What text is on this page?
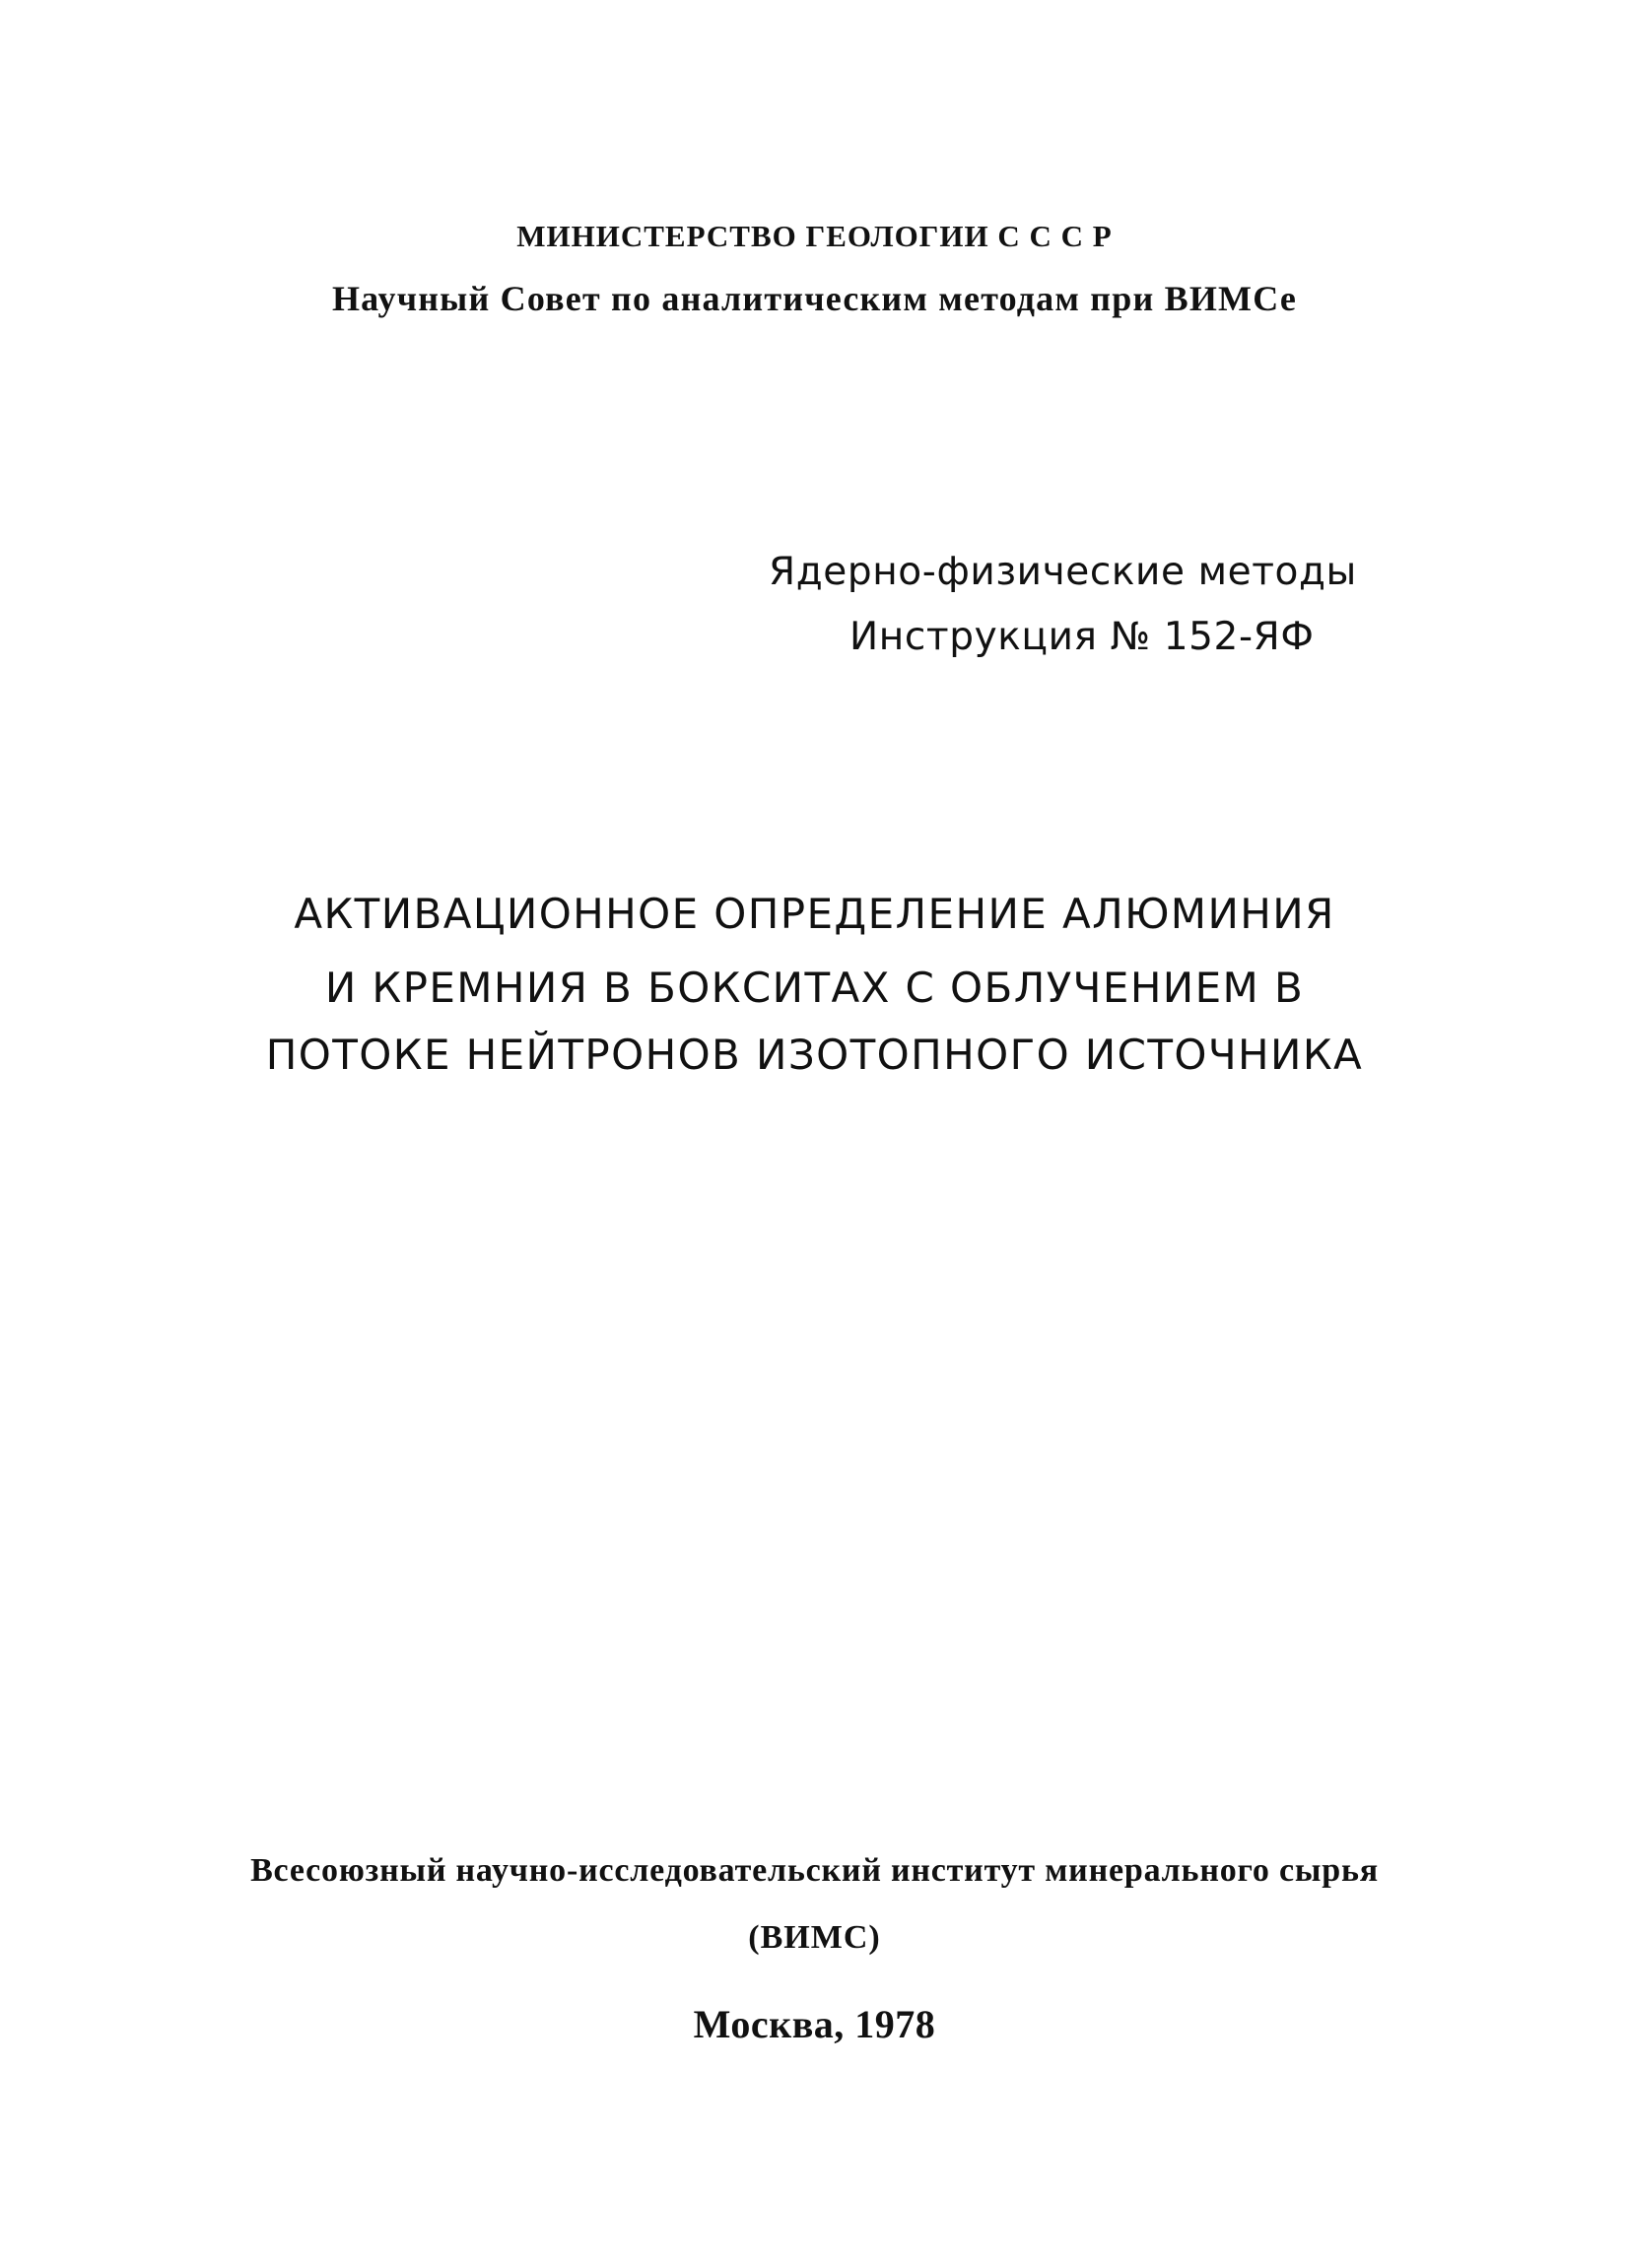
МИНИСТЕРСТВО ГЕОЛОГИИ С С С Р
Научный Совет по аналитическим методам при ВИМСе
Ядерно-физические методы
Инструкция № 152-ЯФ
АКТИВАЦИОННОЕ ОПРЕДЕЛЕНИЕ АЛЮМИНИЯ
И КРЕМНИЯ В БОКСИТАХ С ОБЛУЧЕНИЕМ В
ПОТОКЕ НЕЙТРОНОВ ИЗОТОПНОГО ИСТОЧНИКА
Всесоюзный научно-исследовательский институт минерального сырья
(ВИМС)
Москва, 1978
